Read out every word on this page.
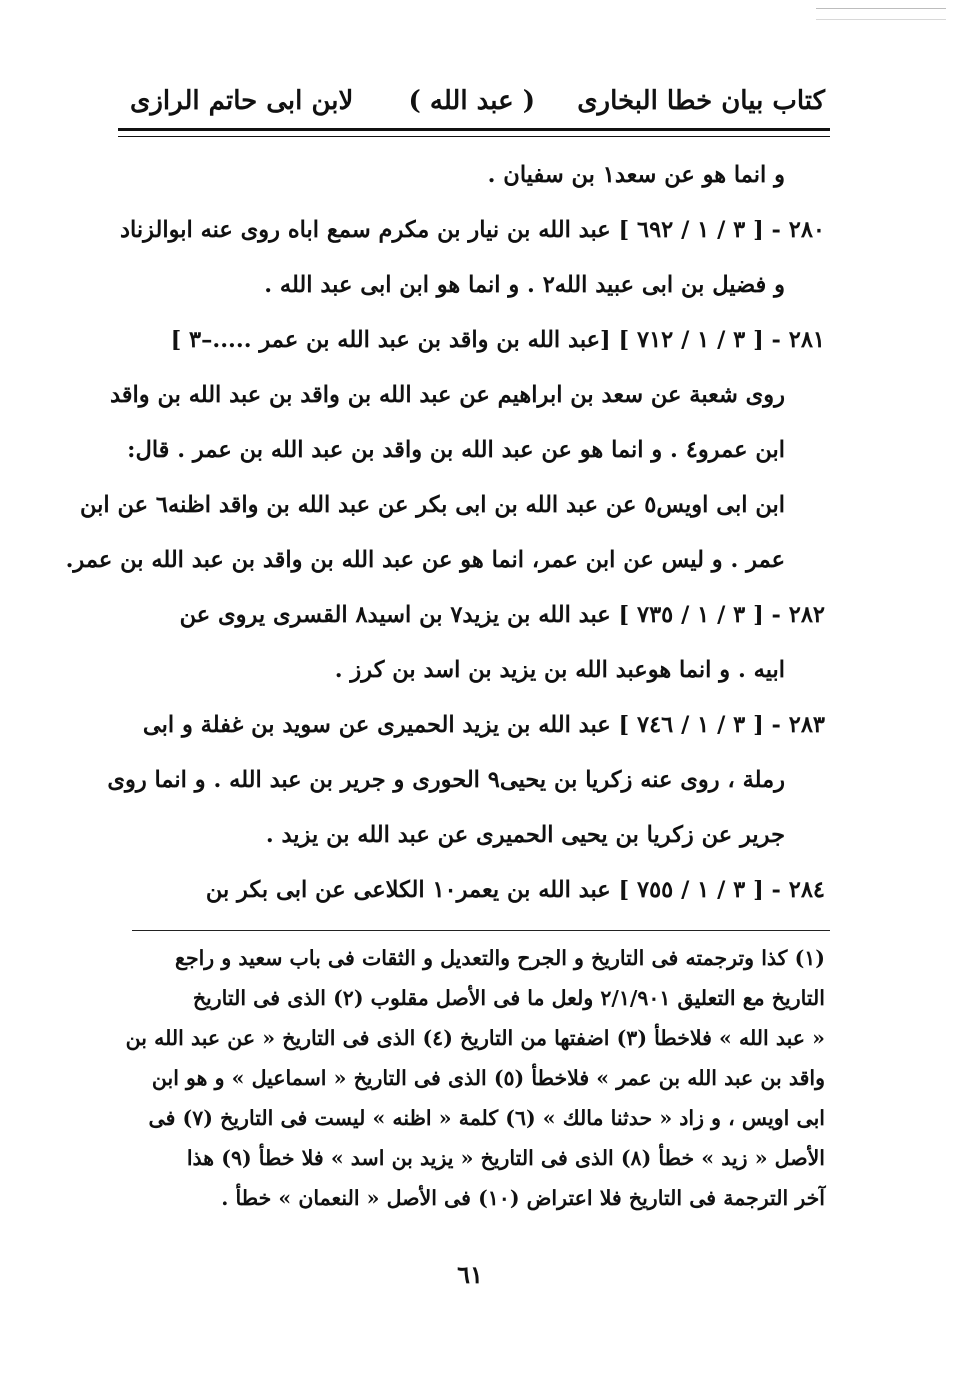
كتاب بيان خطا البخارى
( عبد الله )
لابن ابى حاتم الرازى
و انما هو عن سعد١ بن سفيان .
٢٨٠ - [ ٣ / ١ / ٦٩٢ ] عبد الله بن نيار بن مكرم سمع اباه روى عنه ابوالزناد
و فضيل بن ابى عبيد الله٢ . و انما هو ابن ابى عبد الله .
٢٨١ - [ ٣ / ١ / ٧١٢ ] [عبد الله بن واقد بن عبد الله بن عمر .....–٣ ]
روى شعبة عن سعد بن ابراهيم عن عبد الله بن واقد بن عبد الله بن واقد
ابن عمرو٤ . و انما هو عن عبد الله بن واقد بن عبد الله بن عمر . قال:
ابن ابى اويس٥ عن عبد الله بن ابى بكر عن عبد الله بن واقد اظنه٦ عن ابن
عمر . و ليس عن ابن عمر، انما هو عن عبد الله بن واقد بن عبد الله بن عمر.
٢٨٢ - [ ٣ / ١ / ٧٣٥ ] عبد الله بن يزيد٧ بن اسيد٨ القسرى يروى عن
ابيه . و انما هوعبد الله بن يزيد بن اسد بن كرز .
٢٨٣ - [ ٣ / ١ / ٧٤٦ ] عبد الله بن يزيد الحميرى عن سويد بن غفلة و ابى
رملة ، روى عنه زكريا بن يحيى٩ الحورى و جرير بن عبد الله . و انما روى
جرير عن زكريا بن يحيى الحميرى عن عبد الله بن يزيد .
٢٨٤ - [ ٣ / ١ / ٧٥٥ ] عبد الله بن يعمر١٠ الكلاعى عن ابى بكر بن
(١) كذا وترجمته فى التاريخ و الجرح والتعديل و الثقات فى باب سعيد و راجع
التاريخ مع التعليق ٢/١/٩٠١ ولعل ما فى الأصل مقلوب (٢) الذى فى التاريخ
« عبد الله » فلاخطأ (٣) اضفتها من التاريخ (٤) الذى فى التاريخ « عن عبد الله بن
واقد بن عبد الله بن عمر » فلاخطأ (٥) الذى فى التاريخ « اسماعيل » و هو ابن
ابى اويس ، و زاد « حدثنا مالك » (٦) كلمة « اظنه » ليست فى التاريخ (٧) فى
الأصل « زيد » خطأ (٨) الذى فى التاريخ « يزيد بن اسد » فلا خطأ (٩) هذا
آخر الترجمة فى التاريخ فلا اعتراض (١٠) فى الأصل « النعمان » خطأ .
٦١
